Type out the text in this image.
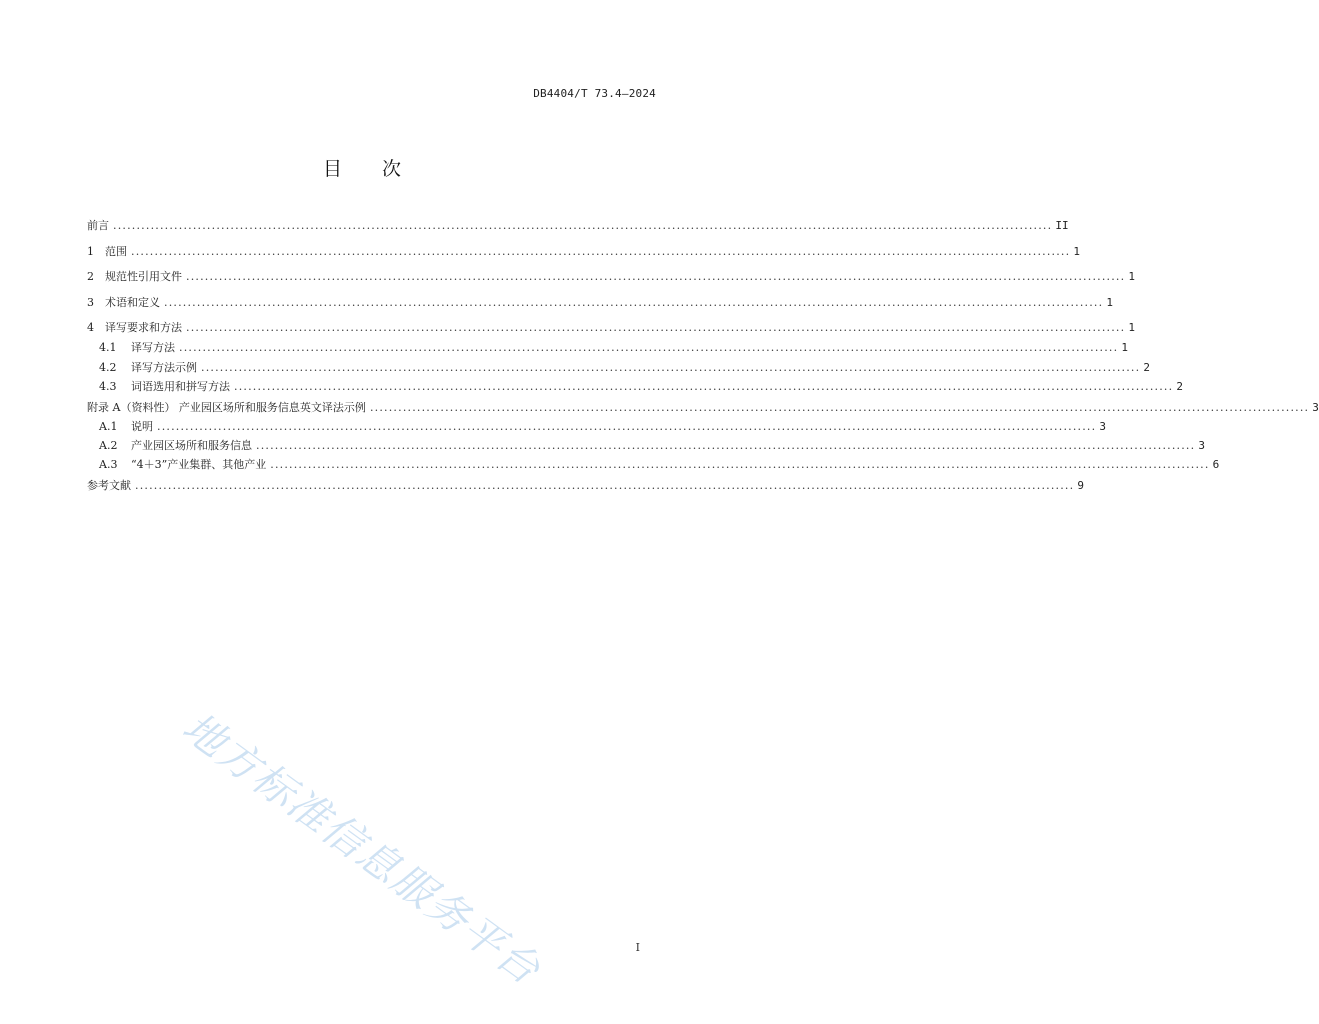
DB4404/T 73.4—2024
目 次
前言 ........................................................................................................................................................................................................ II
1 范围 ........................................................................................................................................................................................................ 1
2 规范性引用文件 ........................................................................................................................................................................................................ 1
3 术语和定义 ........................................................................................................................................................................................................ 1
4 译写要求和方法 ........................................................................................................................................................................................................ 1
4.1 译写方法 ........................................................................................................................................................................................................ 1
4.2 译写方法示例 ........................................................................................................................................................................................................ 2
4.3 词语选用和拼写方法 ........................................................................................................................................................................................................ 2
附录 A（资料性） 产业园区场所和服务信息英文译法示例 ........................................................................................................................................................................................................ 3
A.1 说明 ........................................................................................................................................................................................................ 3
A.2 产业园区场所和服务信息 ........................................................................................................................................................................................................ 3
A.3 “4＋3”产业集群、其他产业 ........................................................................................................................................................................................................ 6
参考文献 ........................................................................................................................................................................................................ 9
地方标准信息服务平台	I
